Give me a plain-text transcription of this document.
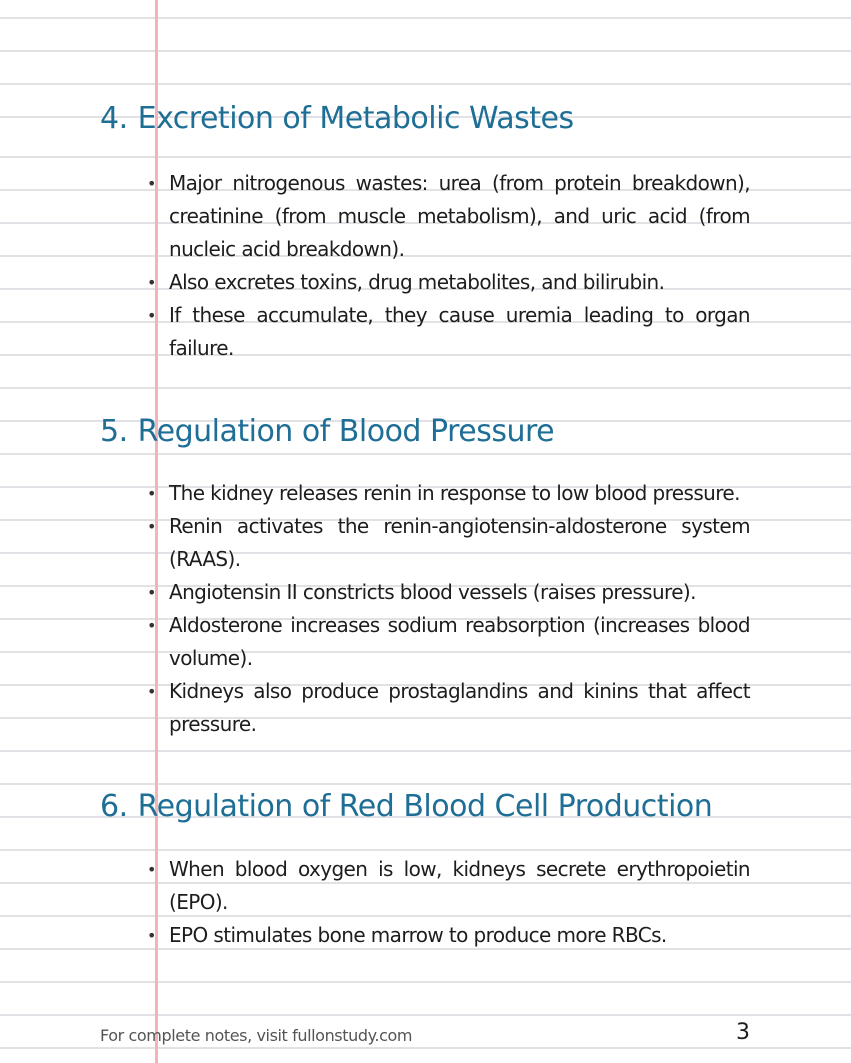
4. Excretion of Metabolic Wastes
• Major nitrogenous wastes: urea (from protein breakdown), creatinine (from muscle metabolism), and uric acid (from nucleic acid breakdown).
• Also excretes toxins, drug metabolites, and bilirubin.
• If these accumulate, they cause uremia leading to organ failure.
5. Regulation of Blood Pressure
• The kidney releases renin in response to low blood pressure.
• Renin activates the renin-angiotensin-aldosterone system (RAAS).
• Angiotensin II constricts blood vessels (raises pressure).
• Aldosterone increases sodium reabsorption (increases blood volume).
• Kidneys also produce prostaglandins and kinins that affect pressure.
6. Regulation of Red Blood Cell Production
• When blood oxygen is low, kidneys secrete erythropoietin (EPO).
• EPO stimulates bone marrow to produce more RBCs.
For complete notes, visit fullonstudy.com	3
